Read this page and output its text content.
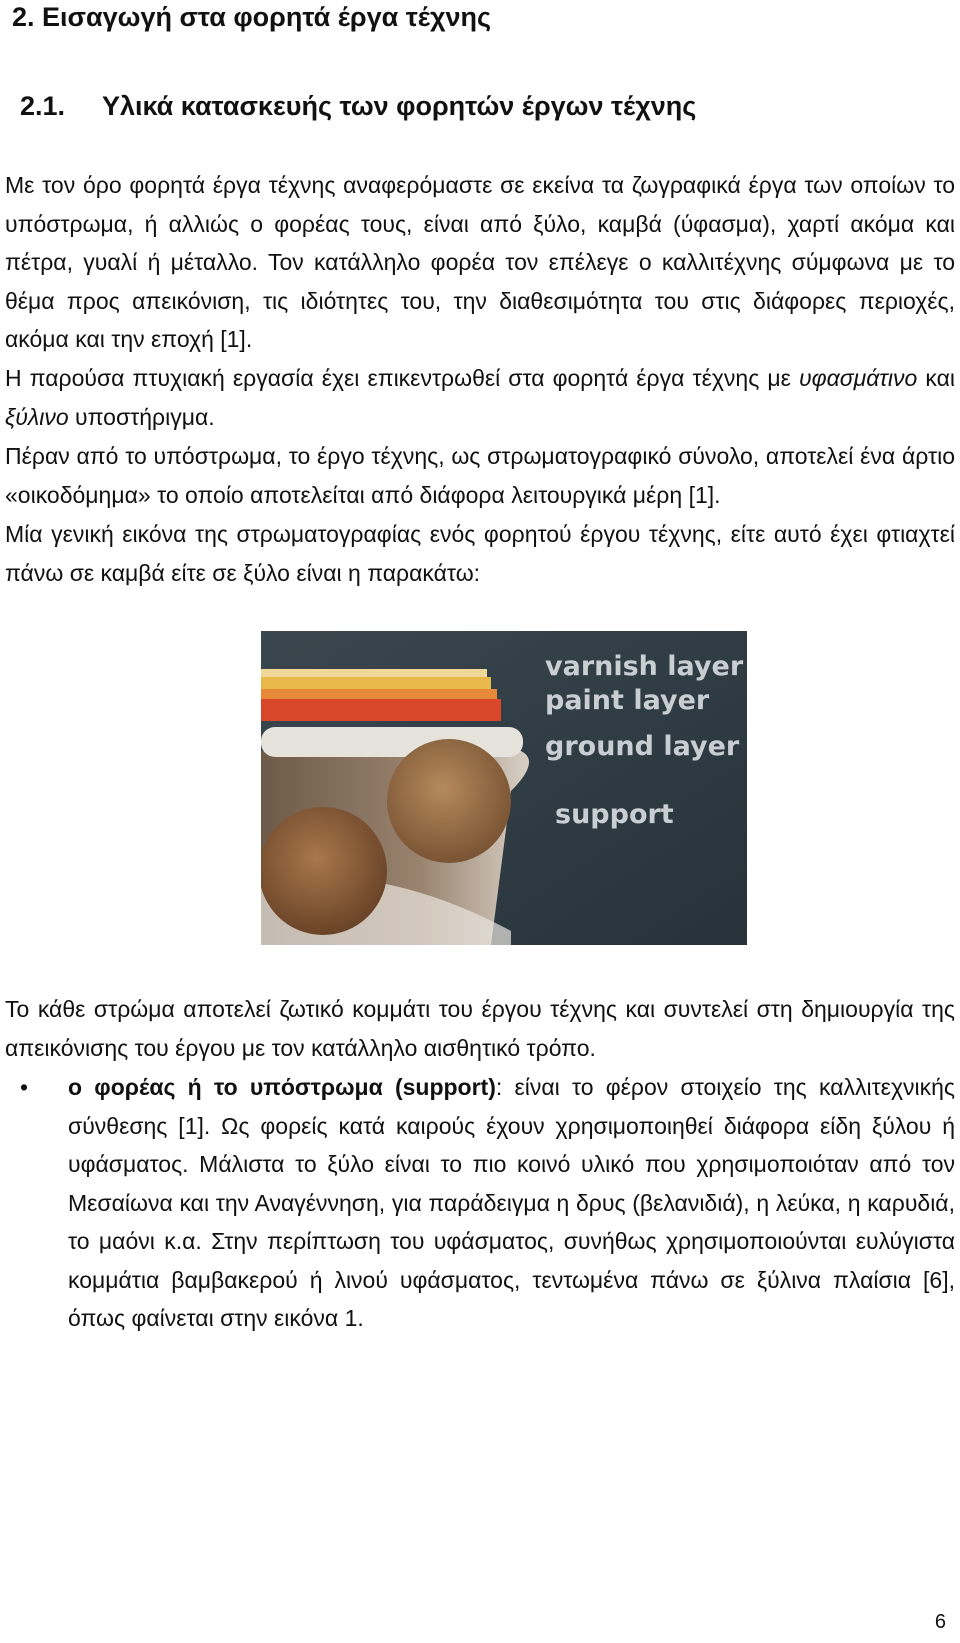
2. Εισαγωγή στα φορητά έργα τέχνης
2.1. Υλικά κατασκευής των φορητών έργων τέχνης

Με τον όρο φορητά έργα τέχνης αναφερόμαστε σε εκείνα τα ζωγραφικά έργα των οποίων το υπόστρωμα, ή αλλιώς ο φορέας τους, είναι από ξύλο, καμβά (ύφασμα), χαρτί ακόμα και πέτρα, γυαλί ή μέταλλο. Τον κατάλληλο φορέα τον επέλεγε ο καλλιτέχνης σύμφωνα με το θέμα προς απεικόνιση, τις ιδιότητες του, την διαθεσιμότητα του στις διάφορες περιοχές, ακόμα και την εποχή [1].

Η παρούσα πτυχιακή εργασία έχει επικεντρωθεί στα φορητά έργα τέχνης με υφασμάτινο και ξύλινο υποστήριγμα.

Πέραν από το υπόστρωμα, το έργο τέχνης, ως στρωματογραφικό σύνολο, αποτελεί ένα άρτιο «οικοδόμημα» το οποίο αποτελείται από διάφορα λειτουργικά μέρη [1].

Μία γενική εικόνα της στρωματογραφίας ενός φορητού έργου τέχνης, είτε αυτό έχει φτιαχτεί πάνω σε καμβά είτε σε ξύλο είναι η παρακάτω:

varnish layer
paint layer
ground layer
support

Το κάθε στρώμα αποτελεί ζωτικό κομμάτι του έργου τέχνης και συντελεί στη δημιουργία της απεικόνισης του έργου με τον κατάλληλο αισθητικό τρόπο.

•	ο φορέας ή το υπόστρωμα (support): είναι το φέρον στοιχείο της καλλιτεχνικής σύνθεσης [1]. Ως φορείς κατά καιρούς έχουν χρησιμοποιηθεί διάφορα είδη ξύλου ή υφάσματος. Μάλιστα το ξύλο είναι το πιο κοινό υλικό που χρησιμοποιόταν από τον Μεσαίωνα και την Αναγέννηση, για παράδειγμα η δρυς (βελανιδιά), η λεύκα, η καρυδιά, το μαόνι κ.α. Στην περίπτωση του υφάσματος, συνήθως χρησιμοποιούνται ευλύγιστα κομμάτια βαμβακερού ή λινού υφάσματος, τεντωμένα πάνω σε ξύλινα πλαίσια [6], όπως φαίνεται στην εικόνα 1.

6
